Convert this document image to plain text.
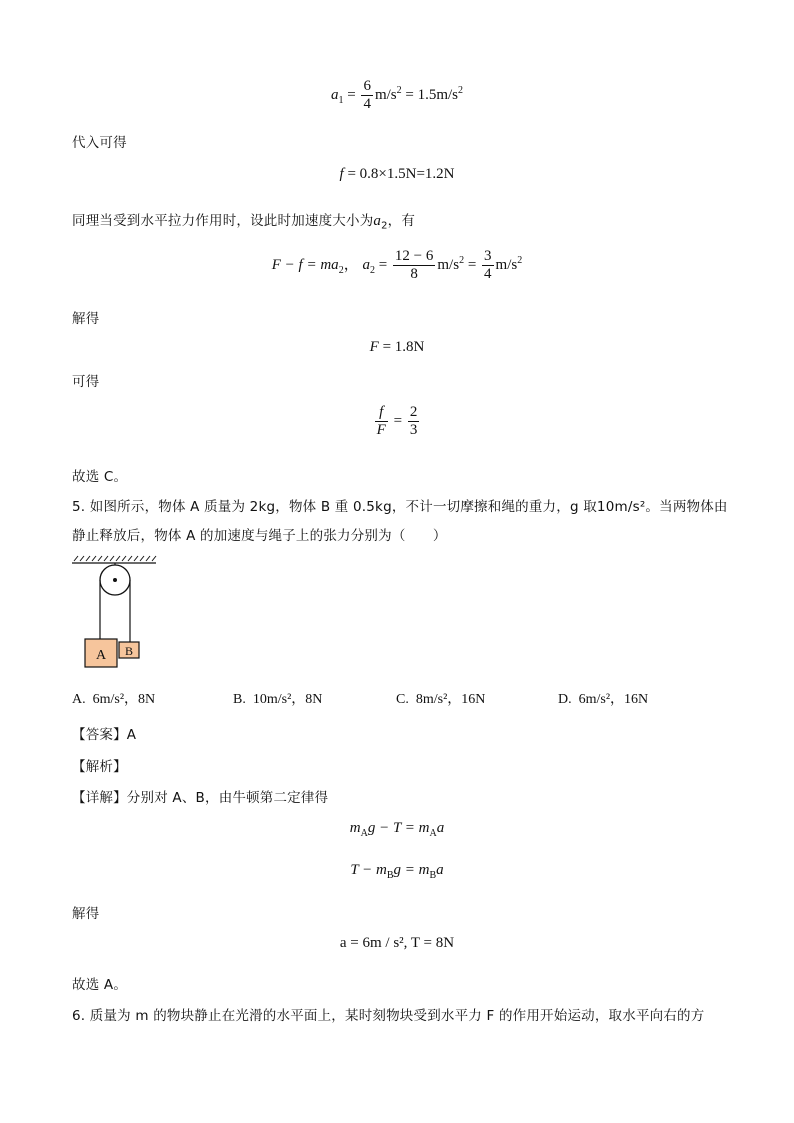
$a_1 = \frac{6}{4} m/s^2 = 1.5m/s^2$
代入可得
f = 0.8×1.5N=1.2N
同理当受到水平拉力作用时，设此时加速度大小为$a_2$，有
$F - f = ma_2$， $a_2 = \frac{12 - 6}{8} m/s^2 = \frac{3}{4} m/s^2$
解得
F = 1.8N
可得
$\frac{f}{F} = \frac{2}{3}$
故选 C。
5. 如图所示，物体 A 质量为 2kg，物体 B 重 0.5kg，不计一切摩擦和绳的重力，g 取10m/s²。当两物体由
静止释放后，物体 A 的加速度与绳子上的张力分别为（　　）
A B
A. 6m/s²，8N	B. 10m/s²，8N	C. 8m/s²，16N	D. 6m/s²，16N
【答案】A
【解析】
【详解】分别对 A、B，由牛顿第二定律得
$m_Ag - T = m_Aa$
$T - m_Bg = m_Ba$
解得
a = 6m / s², T = 8N
故选 A。
6. 质量为 m 的物块静止在光滑的水平面上，某时刻物块受到水平力 F 的作用开始运动，取水平向右的方
